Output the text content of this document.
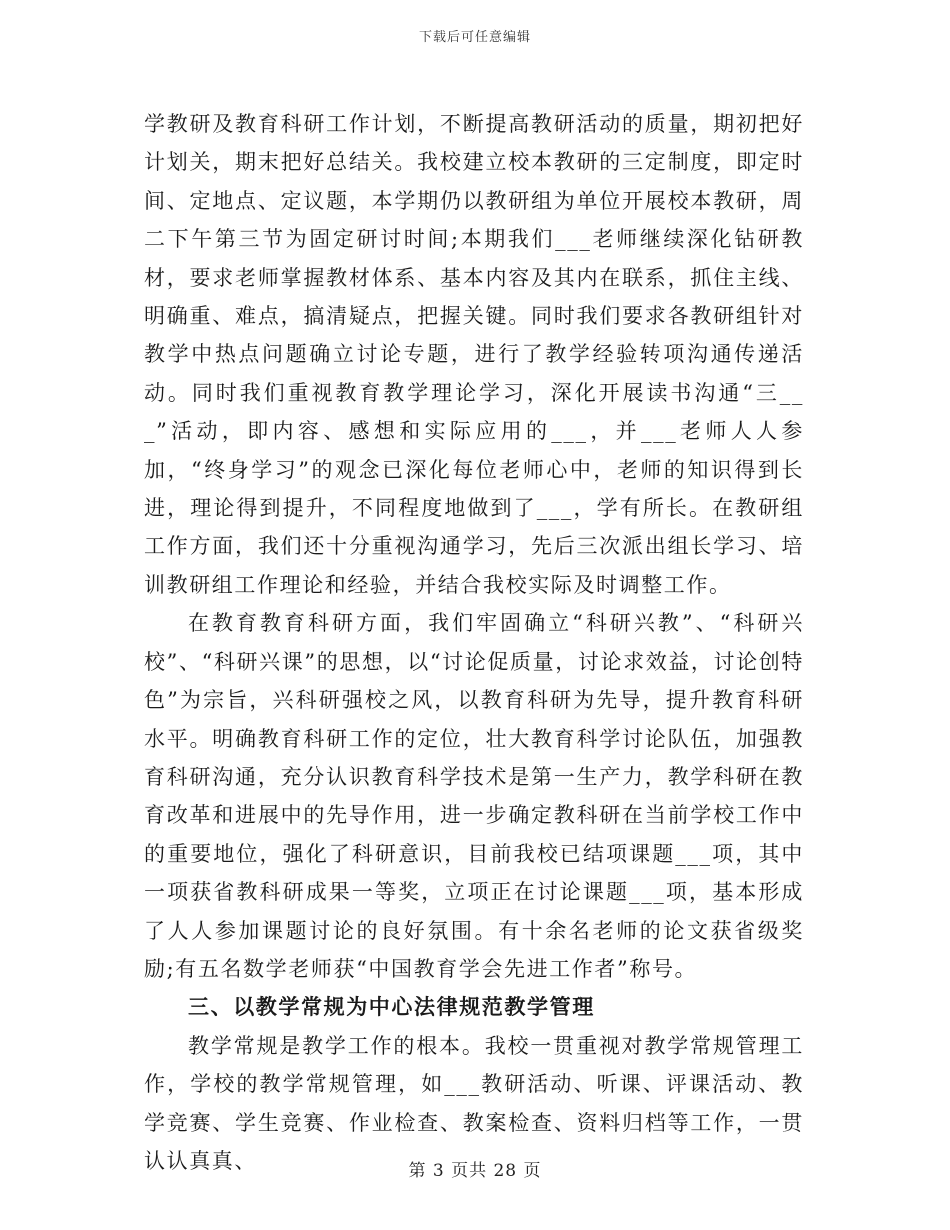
下载后可任意编辑

学教研及教育科研工作计划，不断提高教研活动的质量，期初把好计划关，期末把好总结关。我校建立校本教研的三定制度，即定时间、定地点、定议题，本学期仍以教研组为单位开展校本教研，周二下午第三节为固定研讨时间;本期我们___老师继续深化钻研教材，要求老师掌握教材体系、基本内容及其内在联系，抓住主线、明确重、难点，搞清疑点，把握关键。同时我们要求各教研组针对教学中热点问题确立讨论专题，进行了教学经验转项沟通传递活动。同时我们重视教育教学理论学习，深化开展读书沟通“三___”活动，即内容、感想和实际应用的___，并___老师人人参加，“终身学习”的观念已深化每位老师心中，老师的知识得到长进，理论得到提升，不同程度地做到了___，学有所长。在教研组工作方面，我们还十分重视沟通学习，先后三次派出组长学习、培训教研组工作理论和经验，并结合我校实际及时调整工作。

在教育教育科研方面，我们牢固确立“科研兴教”、“科研兴校”、“科研兴课”的思想，以“讨论促质量，讨论求效益，讨论创特色”为宗旨，兴科研强校之风，以教育科研为先导，提升教育科研水平。明确教育科研工作的定位，壮大教育科学讨论队伍，加强教育科研沟通，充分认识教育科学技术是第一生产力，教学科研在教育改革和进展中的先导作用，进一步确定教科研在当前学校工作中的重要地位，强化了科研意识，目前我校已结项课题___项，其中一项获省教科研成果一等奖，立项正在讨论课题___项，基本形成了人人参加课题讨论的良好氛围。有十余名老师的论文获省级奖励;有五名数学老师获“中国教育学会先进工作者”称号。

三、以教学常规为中心法律规范教学管理

教学常规是教学工作的根本。我校一贯重视对教学常规管理工作，学校的教学常规管理，如___教研活动、听课、评课活动、教学竞赛、学生竞赛、作业检查、教案检查、资料归档等工作，一贯认认真真、	第 3 页共 28 页
